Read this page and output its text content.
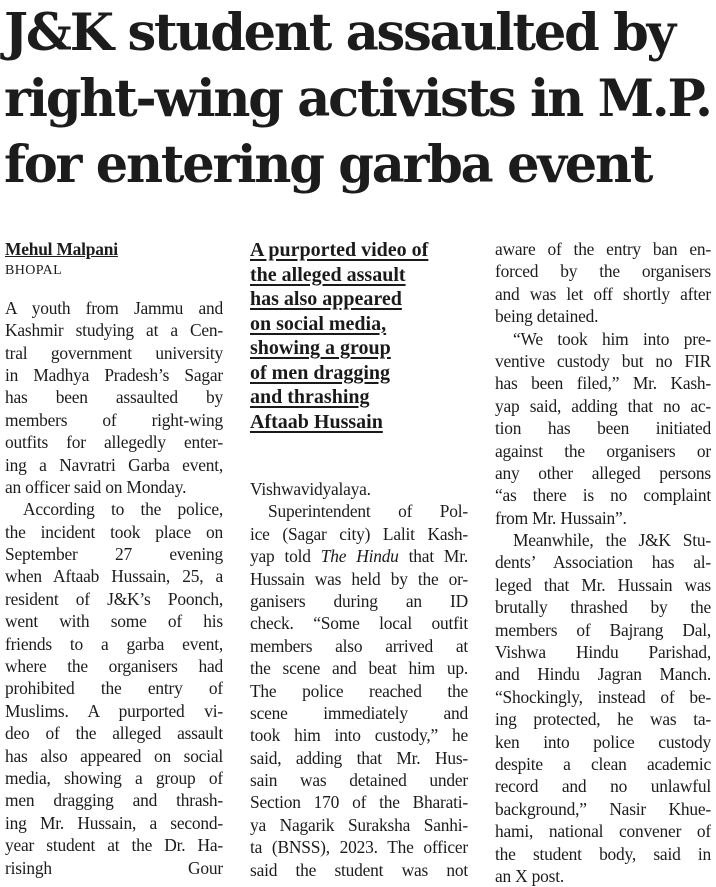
J&K student assaulted by
right-wing activists in M.P.
for entering garba event
Mehul Malpani
BHOPAL
A youth from Jammu and
Kashmir studying at a Cen-
tral government university
in Madhya Pradesh’s Sagar
has been assaulted by
members of right-wing
outfits for allegedly enter-
ing a Navratri Garba event,
an officer said on Monday.
According to the police,
the incident took place on
September 27 evening
when Aftaab Hussain, 25, a
resident of J&K’s Poonch,
went with some of his
friends to a garba event,
where the organisers had
prohibited the entry of
Muslims. A purported vi-
deo of the alleged assault
has also appeared on social
media, showing a group of
men dragging and thrash-
ing Mr. Hussain, a second-
year student at the Dr. Ha-
risingh Gour
A purported video of
the alleged assault
has also appeared
on social media,
showing a group
of men dragging
and thrashing
Aftaab Hussain
Vishwavidyalaya.
Superintendent of Pol-
ice (Sagar city) Lalit Kash-
yap told The Hindu that Mr.
Hussain was held by the or-
ganisers during an ID
check. “Some local outfit
members also arrived at
the scene and beat him up.
The police reached the
scene immediately and
took him into custody,” he
said, adding that Mr. Hus-
sain was detained under
Section 170 of the Bharati-
ya Nagarik Suraksha Sanhi-
ta (BNSS), 2023. The officer
said the student was not
aware of the entry ban en-
forced by the organisers
and was let off shortly after
being detained.
“We took him into pre-
ventive custody but no FIR
has been filed,” Mr. Kash-
yap said, adding that no ac-
tion has been initiated
against the organisers or
any other alleged persons
“as there is no complaint
from Mr. Hussain”.
Meanwhile, the J&K Stu-
dents’ Association has al-
leged that Mr. Hussain was
brutally thrashed by the
members of Bajrang Dal,
Vishwa Hindu Parishad,
and Hindu Jagran Manch.
“Shockingly, instead of be-
ing protected, he was ta-
ken into police custody
despite a clean academic
record and no unlawful
background,” Nasir Khue-
hami, national convener of
the student body, said in
an X post.
